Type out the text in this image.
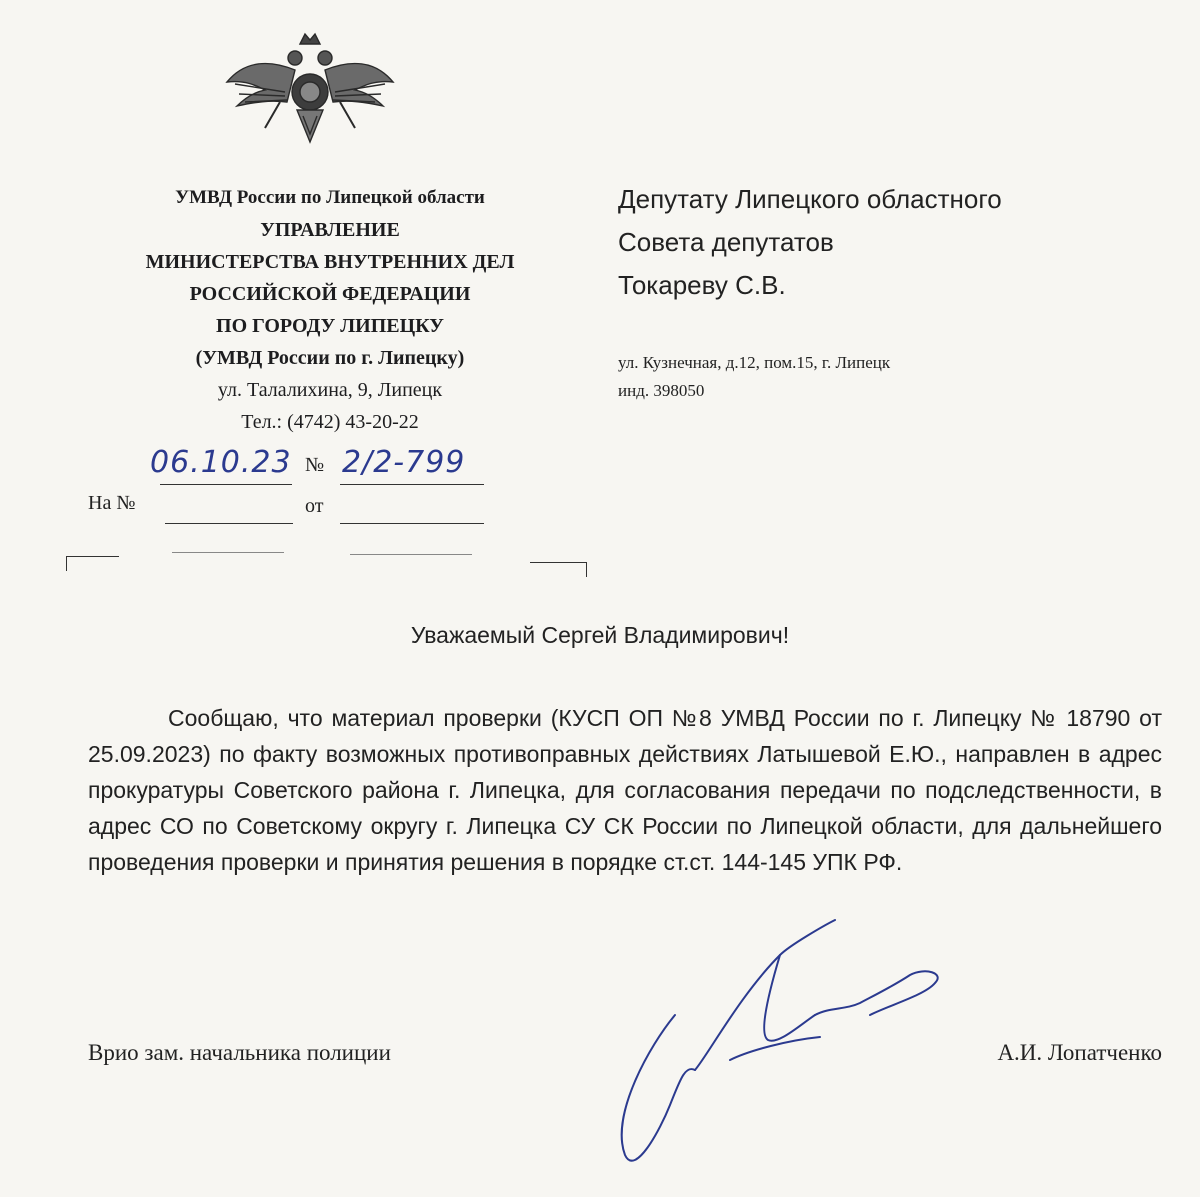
УМВД России по Липецкой области
УПРАВЛЕНИЕ
МИНИСТЕРСТВА ВНУТРЕННИХ ДЕЛ
РОССИЙСКОЙ ФЕДЕРАЦИИ
ПО ГОРОДУ ЛИПЕЦКУ
(УМВД России по г. Липецку)
ул. Талалихина, 9, Липецк
Тел.: (4742) 43-20-22
Депутату Липецкого областного
Совета депутатов
Токареву С.В.
ул. Кузнечная, д.12, пом.15, г. Липецк
инд. 398050
06.10.23 № 2/2-799
На №	от
Уважаемый Сергей Владимирович!
Сообщаю, что материал проверки (КУСП ОП №8 УМВД России по г. Липецку № 18790 от 25.09.2023) по факту возможных противоправных действиях Латышевой Е.Ю., направлен в адрес прокуратуры Советского района г. Липецка, для согласования передачи по подследственности, в адрес СО по Советскому округу г. Липецка СУ СК России по Липецкой области, для дальнейшего проведения проверки и принятия решения в порядке ст.ст. 144-145 УПК РФ.
Врио зам. начальника полиции	А.И. Лопатченко
